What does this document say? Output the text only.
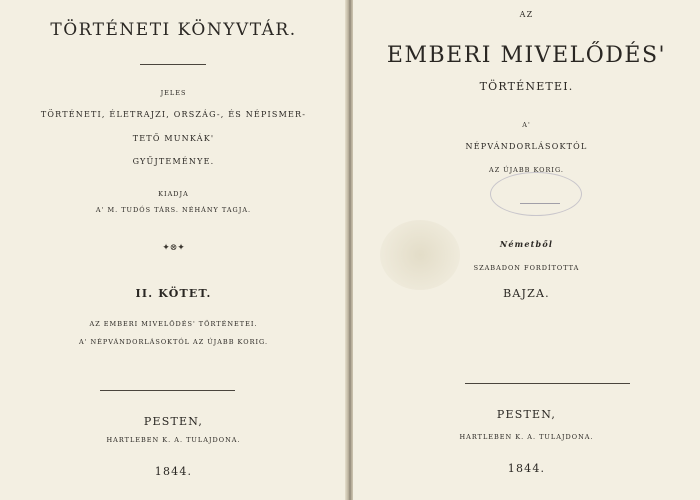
TÖRTÉNETI KÖNYVTÁR.
JELES
TÖRTÉNETI, ÉLETRAJZI, ORSZÁG-, ÉS NÉPISMER-
TETŐ MUNKÁK'
GYŰJTEMÉNYE.
KIADJA
A' M. TUDÓS TÁRS. NÉHÁNY TAGJA.
✦⊗✦
II. KÖTET.
AZ EMBERI MIVELŐDÉS' TÖRTÉNETEI.
A' NÉPVÁNDORLÁSOKTÓL AZ ÚJABB KORIG.
PESTEN,
HARTLEBEN K. A. TULAJDONA.
1844.
AZ
EMBERI MIVELŐDÉS'
TÖRTÉNETEI.
A'
NÉPVÁNDORLÁSOKTÓL
AZ ÚJABB KORIG.
Németből
SZABADON FORDÍTOTTA
BAJZA.
PESTEN,
HARTLEBEN K. A. TULAJDONA.
1844.
